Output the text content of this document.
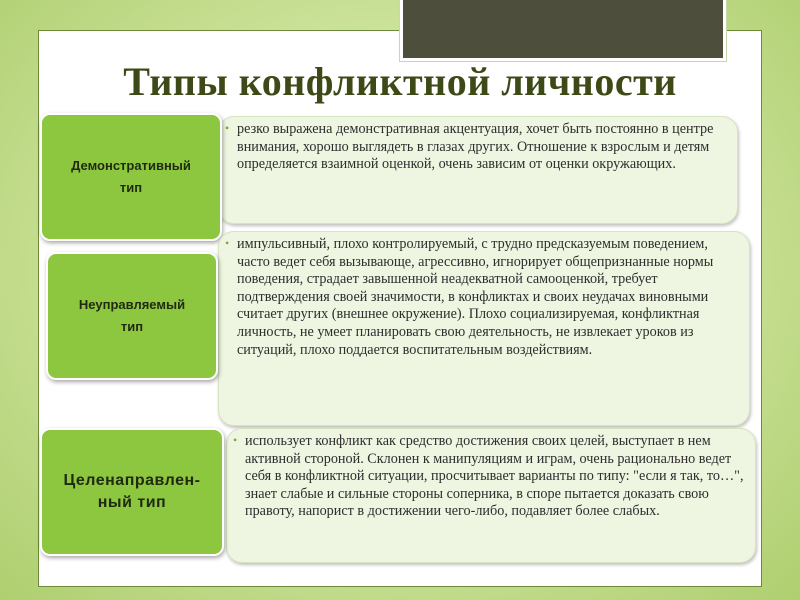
Типы конфликтной личности
• резко выражена демонстративная акцентуация, хочет быть постоянно в центре внимания, хорошо выглядеть в глазах других. Отношение к взрослым и детям определяется взаимной оценкой, очень зависим от оценки окружающих.
Демонстративный
тип
• импульсивный, плохо контролируемый, с трудно предсказуемым поведением, часто ведет себя вызывающе, агрессивно, игнорирует общепризнанные нормы поведения, страдает завышенной неадекватной самооценкой, требует подтверждения своей значимости, в конфликтах и своих неудачах виновными считает других (внешнее окружение). Плохо социализируемая, конфликтная личность, не умеет планировать свою деятельность, не извлекает уроков из ситуаций, плохо поддается воспитательным воздействиям.
Неуправляемый
тип
• использует конфликт как средство достижения своих целей, выступает в нем активной стороной. Склонен к манипуляциям и играм, очень рационально ведет себя в конфликтной ситуации, просчитывает варианты по типу: "если я так, то…", знает слабые и сильные стороны соперника, в споре пытается доказать свою правоту, напорист в достижении чего-либо, подавляет более слабых.
Целенаправлен-
ный тип
